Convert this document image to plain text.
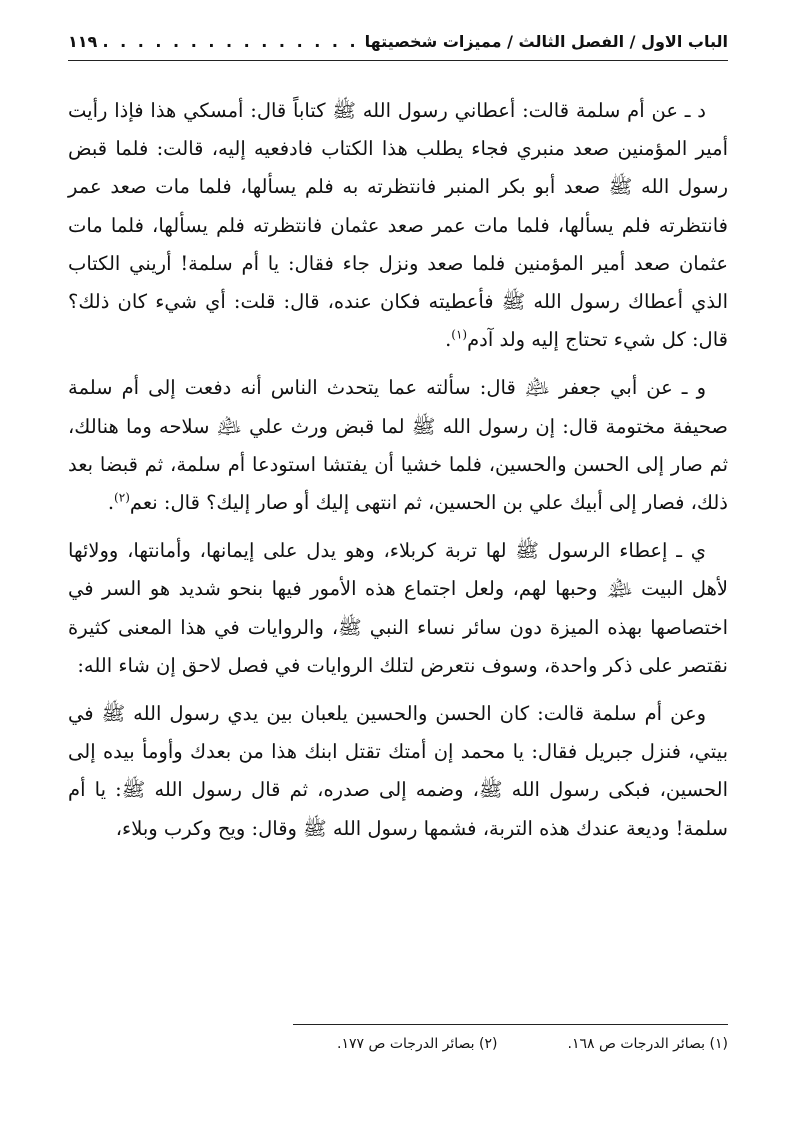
الباب الاول / الفصل الثالث / مميزات شخصيتها
. . .
١١٩

د ـ عن أم سلمة قالت: أعطاني رسول الله ﷺ كتاباً قال: أمسكي هذا فإذا رأيت أمير المؤمنين صعد منبري فجاء يطلب هذا الكتاب فادفعيه إليه، قالت: فلما قبض رسول الله ﷺ صعد أبو بكر المنبر فانتظرته به فلم يسألها، فلما مات صعد عمر فانتظرته فلم يسألها، فلما مات عمر صعد عثمان فانتظرته فلم يسألها، فلما مات عثمان صعد أمير المؤمنين فلما صعد ونزل جاء فقال: يا أم سلمة! أريني الكتاب الذي أعطاك رسول الله ﷺ فأعطيته فكان عنده، قال: قلت: أي شيء كان ذلك؟ قال: كل شيء تحتاج إليه ولد آدم$^{(١)}$.

و ـ عن أبي جعفر ﵇ قال: سألته عما يتحدث الناس أنه دفعت إلى أم سلمة صحيفة مختومة قال: إن رسول الله ﷺ لما قبض ورث علي ﵇ سلاحه وما هنالك، ثم صار إلى الحسن والحسين، فلما خشيا أن يفتشا استودعا أم سلمة، ثم قبضا بعد ذلك، فصار إلى أبيك علي بن الحسين، ثم انتهى إليك أو صار إليك؟ قال: نعم$^{(٢)}$.

ي ـ إعطاء الرسول ﷺ لها تربة كربلاء، وهو يدل على إيمانها، وأمانتها، وولائها لأهل البيت ﵈ وحبها لهم، ولعل اجتماع هذه الأمور فيها بنحو شديد هو السر في اختصاصها بهذه الميزة دون سائر نساء النبي ﷺ، والروايات في هذا المعنى كثيرة نقتصر على ذكر واحدة، وسوف نتعرض لتلك الروايات في فصل لاحق إن شاء الله:

وعن أم سلمة قالت: كان الحسن والحسين يلعبان بين يدي رسول الله ﷺ في بيتي، فنزل جبريل فقال: يا محمد إن أمتك تقتل ابنك هذا من بعدك وأومأ بيده إلى الحسين، فبكى رسول الله ﷺ، وضمه إلى صدره، ثم قال رسول الله ﷺ: يا أم سلمة! وديعة عندك هذه التربة، فشمها رسول الله ﷺ وقال: ويح وكرب وبلاء،

(١) بصائر الدرجات ص ١٦٨.
(٢) بصائر الدرجات ص ١٧٧.
